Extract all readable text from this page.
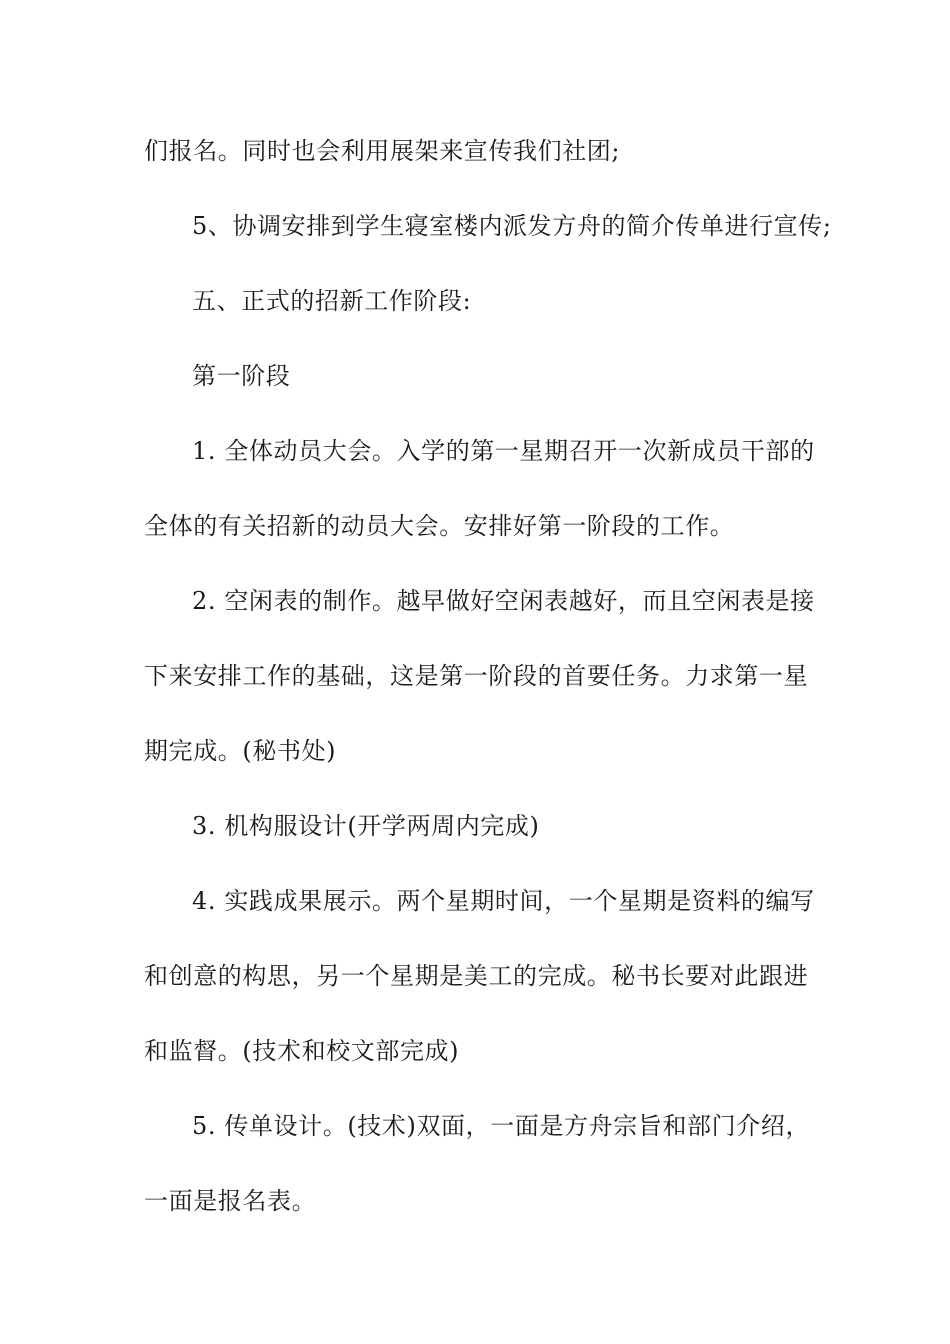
们报名。同时也会利用展架来宣传我们社团;
5、协调安排到学生寝室楼内派发方舟的简介传单进行宣传;
五、正式的招新工作阶段:
第一阶段
1. 全体动员大会。入学的第一星期召开一次新成员干部的
全体的有关招新的动员大会。安排好第一阶段的工作。
2. 空闲表的制作。越早做好空闲表越好，而且空闲表是接
下来安排工作的基础，这是第一阶段的首要任务。力求第一星
期完成。(秘书处)
3. 机构服设计(开学两周内完成)
4. 实践成果展示。两个星期时间，一个星期是资料的编写
和创意的构思，另一个星期是美工的完成。秘书长要对此跟进
和监督。(技术和校文部完成)
5. 传单设计。(技术)双面，一面是方舟宗旨和部门介绍，
一面是报名表。
